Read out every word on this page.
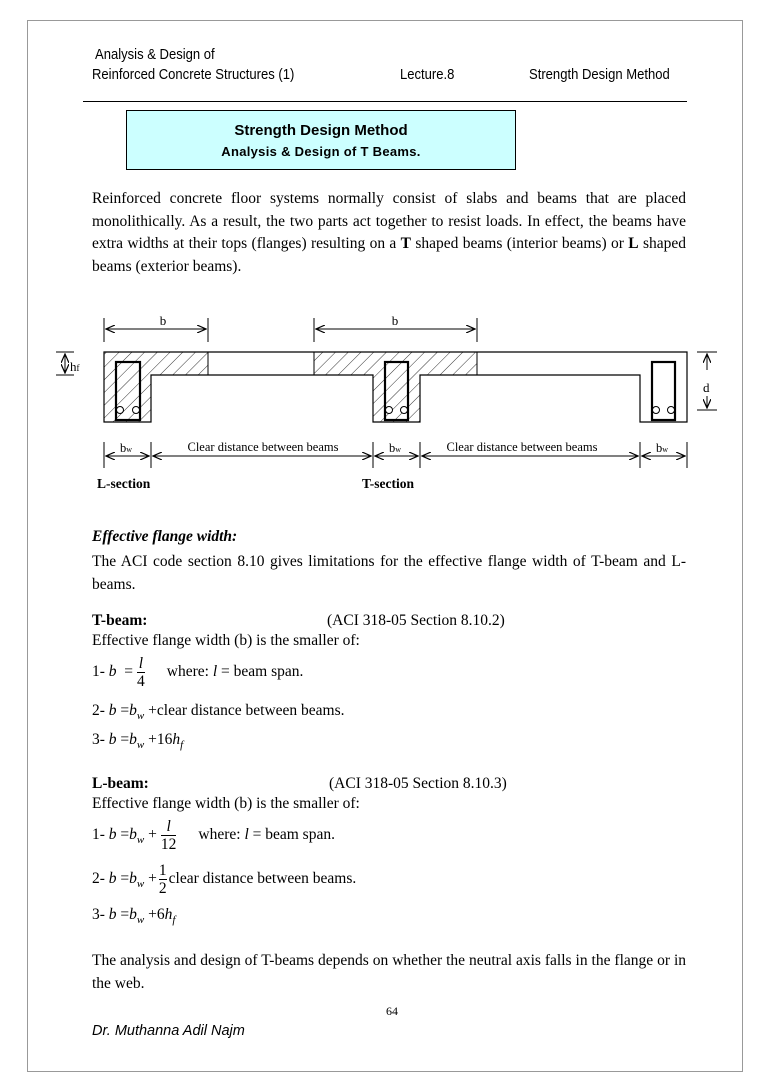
Analysis & Design of
Reinforced Concrete Structures (1)	Lecture.8	Strength Design Method
Strength Design Method
Analysis & Design of T Beams.
Reinforced concrete floor systems normally consist of slabs and beams that are placed monolithically. As a result, the two parts act together to resist loads. In effect, the beams have extra widths at their tops (flanges) resulting on a T shaped beams (interior beams) or L shaped beams (exterior beams).
b	b
hf
d
bw	bw	bw
Clear distance between beams	Clear distance between beams
L-section	T-section
Effective flange width:
The ACI code section 8.10 gives limitations for the effective flange width of T-beam and L-beams.
T-beam:	(ACI 318-05 Section 8.10.2)
Effective flange width (b) is the smaller of:
1- $b = \frac{l}{4}$ where: l = beam span.
2- $b =b_w$ +clear distance between beams.
3- $b =b_w +16h_f$
L-beam:	(ACI 318-05 Section 8.10.3)
Effective flange width (b) is the smaller of:
1- $b =b_w + \frac{l}{12}$ where: l = beam span.
2- $b =b_w + \frac{1}{2}$ clear distance between beams.
3- $b =b_w +6h_f$
The analysis and design of T-beams depends on whether the neutral axis falls in the flange or in the web.
64
Dr. Muthanna Adil Najm
